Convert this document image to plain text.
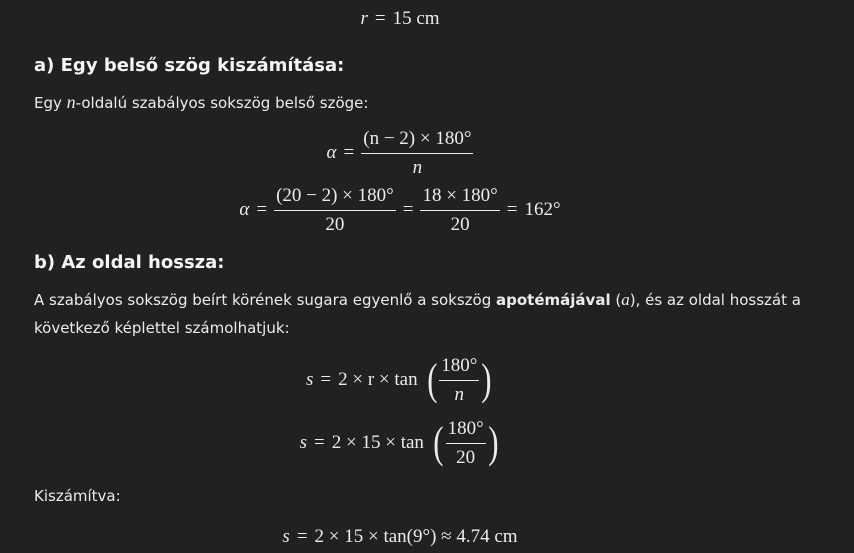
r = 15 cm
a) Egy belső szög kiszámítása:
Egy n-oldalú szabályos sokszög belső szöge:
$\alpha = \frac{(n - 2) \times 180^\circ}{n}$
$\alpha = \frac{(20 - 2) \times 180^\circ}{20} = \frac{18 \times 180^\circ}{20} = 162^\circ$
b) Az oldal hossza:
A szabályos sokszög beírt körének sugara egyenlő a sokszög apotémájával (a), és az oldal hosszát a
következő képlettel számolhatjuk:
s = 2 × r × tan ( $\frac{180^\circ}{n}$ )
s = 2 × 15 × tan ( $\frac{180^\circ}{20}$ )
Kiszámítva:
s = 2 × 15 × tan(9°) ≈ 4.74 cm
